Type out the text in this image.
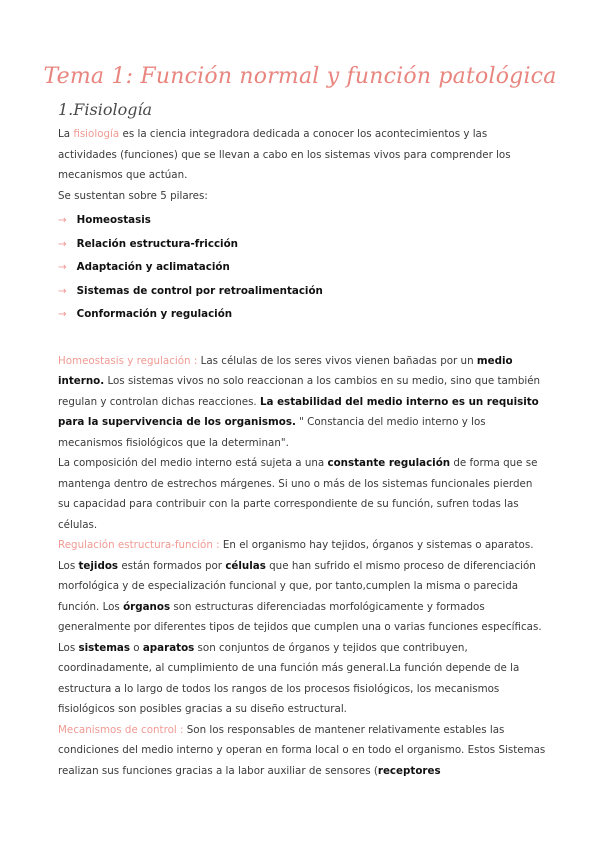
Tema 1: Función normal y función patológica
1.Fisiología

La fisiología es la ciencia integradora dedicada a conocer los acontecimientos y las actividades (funciones) que se llevan a cabo en los sistemas vivos para comprender los mecanismos que actúan.

Se sustentan sobre 5 pilares:

→ Homeostasis
→ Relación estructura-fricción
→ Adaptación y aclimatación
→ Sistemas de control por retroalimentación
→ Conformación y regulación

Homeostasis y regulación : Las células de los seres vivos vienen bañadas por un medio interno. Los sistemas vivos no solo reaccionan a los cambios en su medio, sino que también regulan y controlan dichas reacciones. La estabilidad del medio interno es un requisito para la supervivencia de los organismos. " Constancia del medio interno y los mecanismos fisiológicos que la determinan".

La composición del medio interno está sujeta a una constante regulación de forma que se mantenga dentro de estrechos márgenes. Si uno o más de los sistemas funcionales pierden su capacidad para contribuir con la parte correspondiente de su función, sufren todas las células.

Regulación estructura-función : En el organismo hay tejidos, órganos y sistemas o aparatos. Los tejidos están formados por células que han sufrido el mismo proceso de diferenciación morfológica y de especialización funcional y que, por tanto,cumplen la misma o parecida función. Los órganos son estructuras diferenciadas morfológicamente y formados generalmente por diferentes tipos de tejidos que cumplen una o varias funciones específicas. Los sistemas o aparatos son conjuntos de órganos y tejidos que contribuyen, coordinadamente, al cumplimiento de una función más general.La función depende de la estructura a lo largo de todos los rangos de los procesos fisiológicos, los mecanismos fisiológicos son posibles gracias a su diseño estructural.

Mecanismos de control : Son los responsables de mantener relativamente estables las condiciones del medio interno y operan en forma local o en todo el organismo. Estos Sistemas realizan sus funciones gracias a la labor auxiliar de sensores (receptores
